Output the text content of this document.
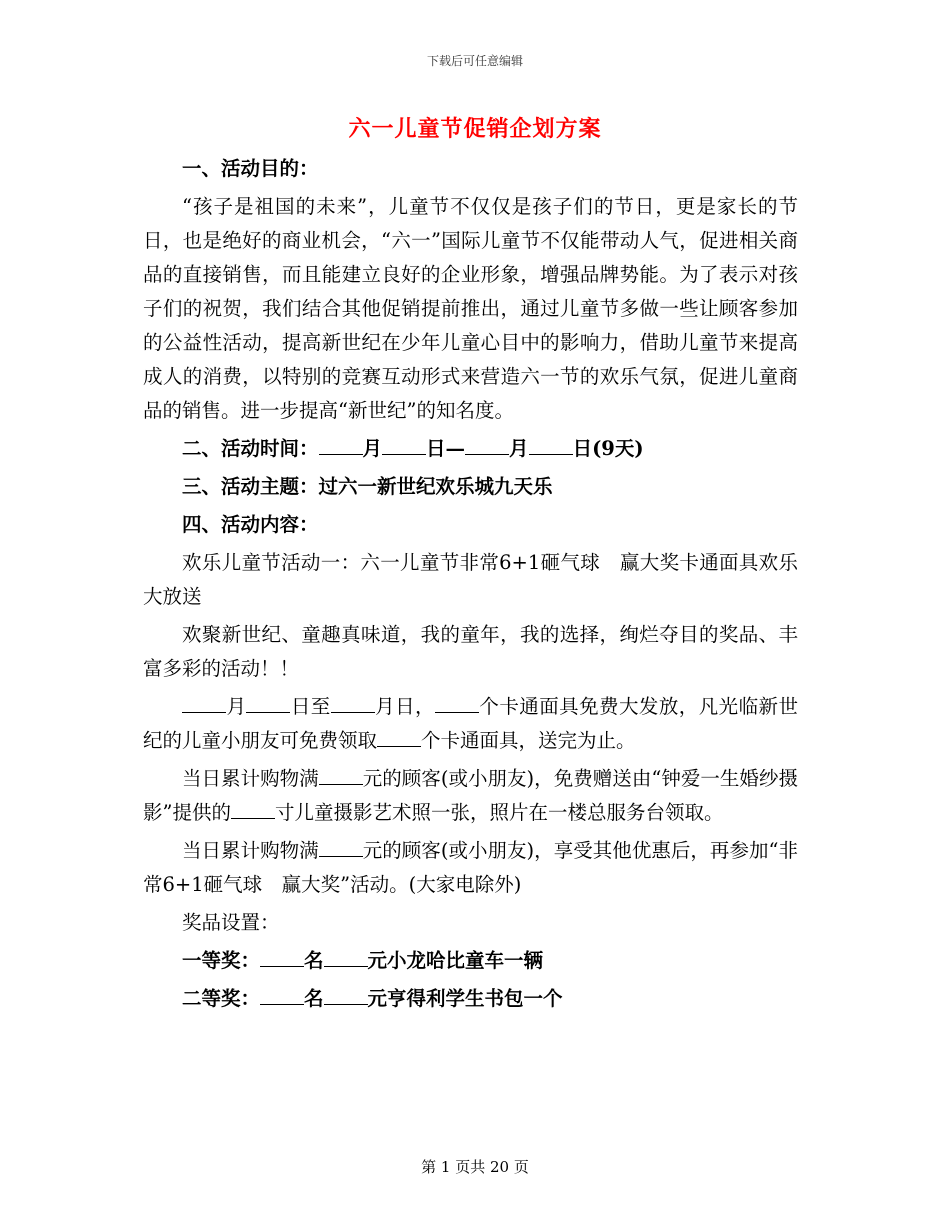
下载后可任意编辑
六一儿童节促销企划方案

一、活动目的：

“孩子是祖国的未来”，儿童节不仅仅是孩子们的节日，更是家长的节日，也是绝好的商业机会，“六一”国际儿童节不仅能带动人气，促进相关商品的直接销售，而且能建立良好的企业形象，增强品牌势能。为了表示对孩子们的祝贺，我们结合其他促销提前推出，通过儿童节多做一些让顾客参加的公益性活动，提高新世纪在少年儿童心目中的影响力，借助儿童节来提高成人的消费，以特别的竞赛互动形式来营造六一节的欢乐气氛，促进儿童商品的销售。进一步提高“新世纪”的知名度。

二、活动时间： 月 日— 月 日(9天)

三、活动主题：过六一新世纪欢乐城九天乐

四、活动内容：

欢乐儿童节活动一：六一儿童节非常6+1砸气球　赢大奖卡通面具欢乐大放送

欢聚新世纪、童趣真味道，我的童年，我的选择，绚烂夺目的奖品、丰富多彩的活动！！

月 日至 月日， 个卡通面具免费大发放，凡光临新世纪的儿童小朋友可免费领取 个卡通面具，送完为止。

当日累计购物满 元的顾客(或小朋友)，免费赠送由“钟爱一生婚纱摄影”提供的 寸儿童摄影艺术照一张，照片在一楼总服务台领取。

当日累计购物满 元的顾客(或小朋友)，享受其他优惠后，再参加“非常6+1砸气球　赢大奖”活动。(大家电除外)

奖品设置：

一等奖： 名 元小龙哈比童车一辆

二等奖： 名 元亨得利学生书包一个

第 1 页共 20 页
